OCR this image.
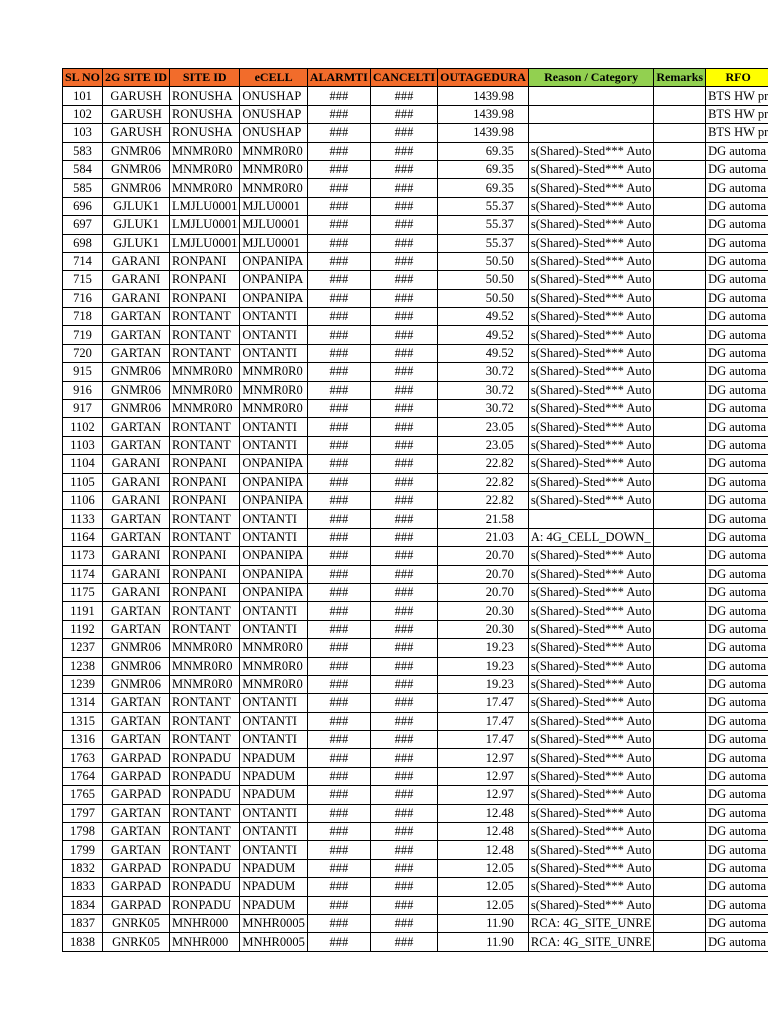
SL NO	2G SITE ID	SITE ID	eCELL	ALARMTI	CANCELTI	OUTAGEDURA	Reason / Category	Remarks	RFO
101	GARUSH	RONUSHA	ONUSHAP	###	###	1439.98			BTS HW pr
102	GARUSH	RONUSHA	ONUSHAP	###	###	1439.98			BTS HW pr
103	GARUSH	RONUSHA	ONUSHAP	###	###	1439.98			BTS HW pr
583	GNMR06	MNMR0R0	MNMR0R0	###	###	69.35	s(Shared)-Sted*** Auto		DG automa
584	GNMR06	MNMR0R0	MNMR0R0	###	###	69.35	s(Shared)-Sted*** Auto		DG automa
585	GNMR06	MNMR0R0	MNMR0R0	###	###	69.35	s(Shared)-Sted*** Auto		DG automa
696	GJLUK1	LMJLU0001	MJLU0001	###	###	55.37	s(Shared)-Sted*** Auto		DG automa
697	GJLUK1	LMJLU0001	MJLU0001	###	###	55.37	s(Shared)-Sted*** Auto		DG automa
698	GJLUK1	LMJLU0001	MJLU0001	###	###	55.37	s(Shared)-Sted*** Auto		DG automa
714	GARANI	RONPANI	ONPANIPA	###	###	50.50	s(Shared)-Sted*** Auto		DG automa
715	GARANI	RONPANI	ONPANIPA	###	###	50.50	s(Shared)-Sted*** Auto		DG automa
716	GARANI	RONPANI	ONPANIPA	###	###	50.50	s(Shared)-Sted*** Auto		DG automa
718	GARTAN	RONTANT	ONTANTI	###	###	49.52	s(Shared)-Sted*** Auto		DG automa
719	GARTAN	RONTANT	ONTANTI	###	###	49.52	s(Shared)-Sted*** Auto		DG automa
720	GARTAN	RONTANT	ONTANTI	###	###	49.52	s(Shared)-Sted*** Auto		DG automa
915	GNMR06	MNMR0R0	MNMR0R0	###	###	30.72	s(Shared)-Sted*** Auto		DG automa
916	GNMR06	MNMR0R0	MNMR0R0	###	###	30.72	s(Shared)-Sted*** Auto		DG automa
917	GNMR06	MNMR0R0	MNMR0R0	###	###	30.72	s(Shared)-Sted*** Auto		DG automa
1102	GARTAN	RONTANT	ONTANTI	###	###	23.05	s(Shared)-Sted*** Auto		DG automa
1103	GARTAN	RONTANT	ONTANTI	###	###	23.05	s(Shared)-Sted*** Auto		DG automa
1104	GARANI	RONPANI	ONPANIPA	###	###	22.82	s(Shared)-Sted*** Auto		DG automa
1105	GARANI	RONPANI	ONPANIPA	###	###	22.82	s(Shared)-Sted*** Auto		DG automa
1106	GARANI	RONPANI	ONPANIPA	###	###	22.82	s(Shared)-Sted*** Auto		DG automa
1133	GARTAN	RONTANT	ONTANTI	###	###	21.58			DG automa
1164	GARTAN	RONTANT	ONTANTI	###	###	21.03	A: 4G_CELL_DOWN_		DG automa
1173	GARANI	RONPANI	ONPANIPA	###	###	20.70	s(Shared)-Sted*** Auto		DG automa
1174	GARANI	RONPANI	ONPANIPA	###	###	20.70	s(Shared)-Sted*** Auto		DG automa
1175	GARANI	RONPANI	ONPANIPA	###	###	20.70	s(Shared)-Sted*** Auto		DG automa
1191	GARTAN	RONTANT	ONTANTI	###	###	20.30	s(Shared)-Sted*** Auto		DG automa
1192	GARTAN	RONTANT	ONTANTI	###	###	20.30	s(Shared)-Sted*** Auto		DG automa
1237	GNMR06	MNMR0R0	MNMR0R0	###	###	19.23	s(Shared)-Sted*** Auto		DG automa
1238	GNMR06	MNMR0R0	MNMR0R0	###	###	19.23	s(Shared)-Sted*** Auto		DG automa
1239	GNMR06	MNMR0R0	MNMR0R0	###	###	19.23	s(Shared)-Sted*** Auto		DG automa
1314	GARTAN	RONTANT	ONTANTI	###	###	17.47	s(Shared)-Sted*** Auto		DG automa
1315	GARTAN	RONTANT	ONTANTI	###	###	17.47	s(Shared)-Sted*** Auto		DG automa
1316	GARTAN	RONTANT	ONTANTI	###	###	17.47	s(Shared)-Sted*** Auto		DG automa
1763	GARPAD	RONPADU	NPADUM	###	###	12.97	s(Shared)-Sted*** Auto		DG automa
1764	GARPAD	RONPADU	NPADUM	###	###	12.97	s(Shared)-Sted*** Auto		DG automa
1765	GARPAD	RONPADU	NPADUM	###	###	12.97	s(Shared)-Sted*** Auto		DG automa
1797	GARTAN	RONTANT	ONTANTI	###	###	12.48	s(Shared)-Sted*** Auto		DG automa
1798	GARTAN	RONTANT	ONTANTI	###	###	12.48	s(Shared)-Sted*** Auto		DG automa
1799	GARTAN	RONTANT	ONTANTI	###	###	12.48	s(Shared)-Sted*** Auto		DG automa
1832	GARPAD	RONPADU	NPADUM	###	###	12.05	s(Shared)-Sted*** Auto		DG automa
1833	GARPAD	RONPADU	NPADUM	###	###	12.05	s(Shared)-Sted*** Auto		DG automa
1834	GARPAD	RONPADU	NPADUM	###	###	12.05	s(Shared)-Sted*** Auto		DG automa
1837	GNRK05	MNHR000	MNHR0005	###	###	11.90	RCA: 4G_SITE_UNRE		DG automa
1838	GNRK05	MNHR000	MNHR0005	###	###	11.90	RCA: 4G_SITE_UNRE		DG automa
